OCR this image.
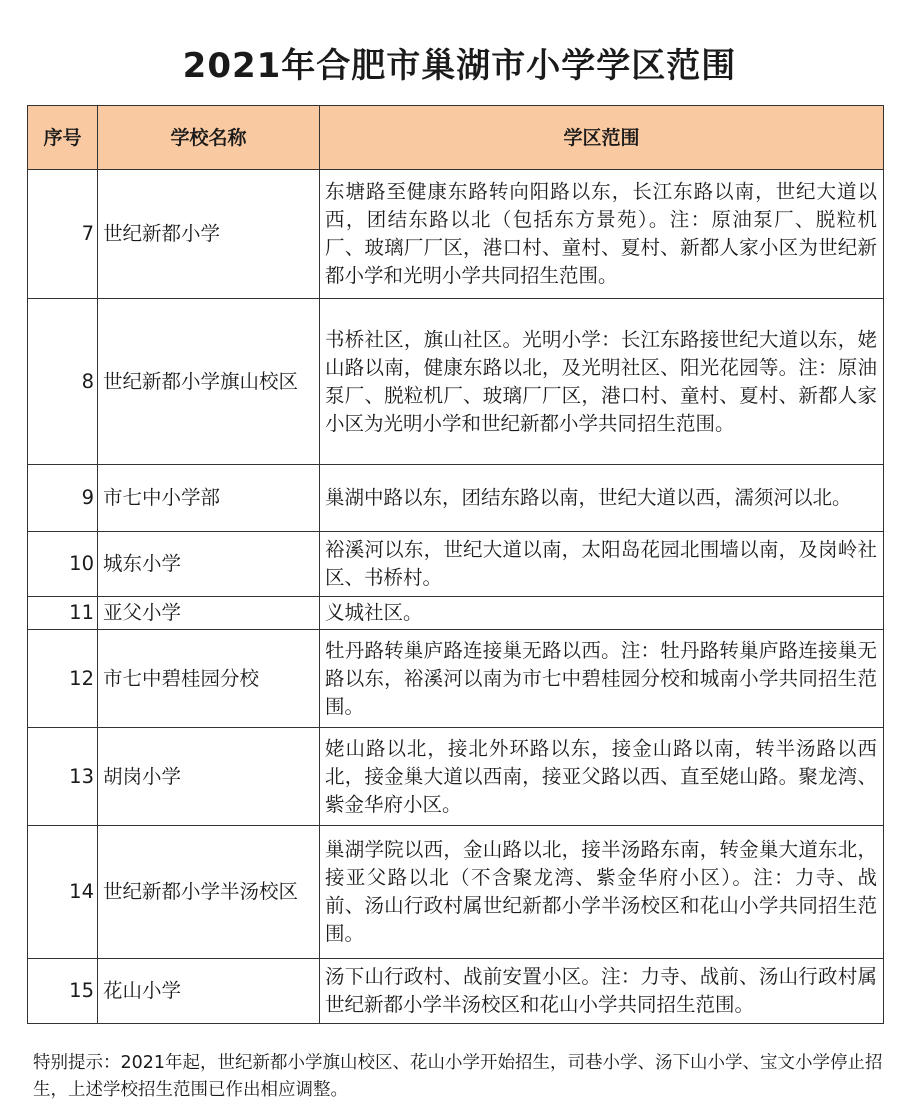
2021年合肥市巢湖市小学学区范围
序号	学校名称	学区范围
7	世纪新都小学	东塘路至健康东路转向阳路以东，长江东路以南，世纪大道以西，团结东路以北（包括东方景苑）。注：原油泵厂、脱粒机厂、玻璃厂厂区，港口村、童村、夏村、新都人家小区为世纪新都小学和光明小学共同招生范围。
8	世纪新都小学旗山校区	书桥社区，旗山社区。光明小学：长江东路接世纪大道以东，姥山路以南，健康东路以北，及光明社区、阳光花园等。注：原油泵厂、脱粒机厂、玻璃厂厂区，港口村、童村、夏村、新都人家小区为光明小学和世纪新都小学共同招生范围。
9	市七中小学部	巢湖中路以东，团结东路以南，世纪大道以西，濡须河以北。
10	城东小学	裕溪河以东，世纪大道以南，太阳岛花园北围墙以南，及岗岭社区、书桥村。
11	亚父小学	义城社区。
12	市七中碧桂园分校	牡丹路转巢庐路连接巢无路以西。注：牡丹路转巢庐路连接巢无路以东，裕溪河以南为市七中碧桂园分校和城南小学共同招生范围。
13	胡岗小学	姥山路以北，接北外环路以东，接金山路以南，转半汤路以西北，接金巢大道以西南，接亚父路以西、直至姥山路。聚龙湾、紫金华府小区。
14	世纪新都小学半汤校区	巢湖学院以西，金山路以北，接半汤路东南，转金巢大道东北，接亚父路以北（不含聚龙湾、紫金华府小区）。注：力寺、战前、汤山行政村属世纪新都小学半汤校区和花山小学共同招生范围。
15	花山小学	汤下山行政村、战前安置小区。注：力寺、战前、汤山行政村属世纪新都小学半汤校区和花山小学共同招生范围。
特别提示：2021年起，世纪新都小学旗山校区、花山小学开始招生，司巷小学、汤下山小学、宝文小学停止招生，上述学校招生范围已作出相应调整。
